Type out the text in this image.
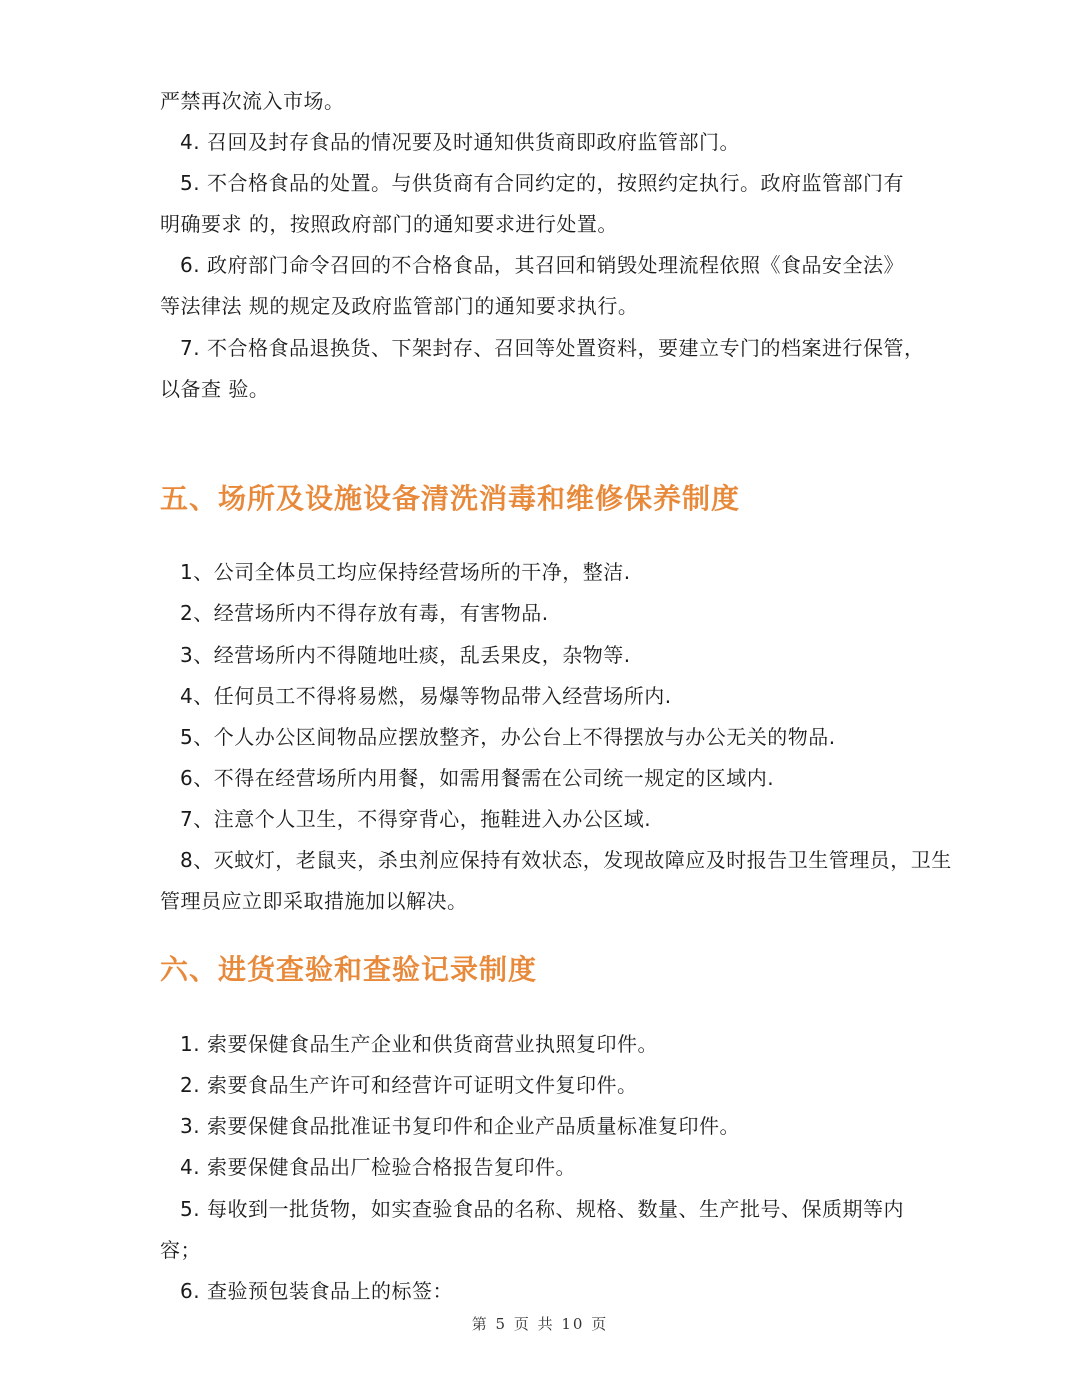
严禁再次流入市场。
4. 召回及封存食品的情况要及时通知供货商即政府监管部门。
5. 不合格食品的处置。与供货商有合同约定的，按照约定执行。政府监管部门有
明确要求 的，按照政府部门的通知要求进行处置。
6. 政府部门命令召回的不合格食品，其召回和销毁处理流程依照《食品安全法》
等法律法 规的规定及政府监管部门的通知要求执行。
7. 不合格食品退换货、下架封存、召回等处置资料，要建立专门的档案进行保管，
以备查 验。
五、场所及设施设备清洗消毒和维修保养制度
1、公司全体员工均应保持经营场所的干净，整洁.
2、经营场所内不得存放有毒，有害物品.
3、经营场所内不得随地吐痰，乱丢果皮，杂物等.
4、任何员工不得将易燃，易爆等物品带入经营场所内.
5、个人办公区间物品应摆放整齐，办公台上不得摆放与办公无关的物品.
6、不得在经营场所内用餐，如需用餐需在公司统一规定的区域内.
7、注意个人卫生，不得穿背心，拖鞋进入办公区域.
8、灭蚊灯，老鼠夹，杀虫剂应保持有效状态，发现故障应及时报告卫生管理员，卫生
管理员应立即采取措施加以解决。
六、进货查验和查验记录制度
1. 索要保健食品生产企业和供货商营业执照复印件。
2. 索要食品生产许可和经营许可证明文件复印件。
3. 索要保健食品批准证书复印件和企业产品质量标准复印件。
4. 索要保健食品出厂检验合格报告复印件。
5. 每收到一批货物，如实查验食品的名称、规格、数量、生产批号、保质期等内
容；
6. 查验预包装食品上的标签：
第 5 页 共 10 页
